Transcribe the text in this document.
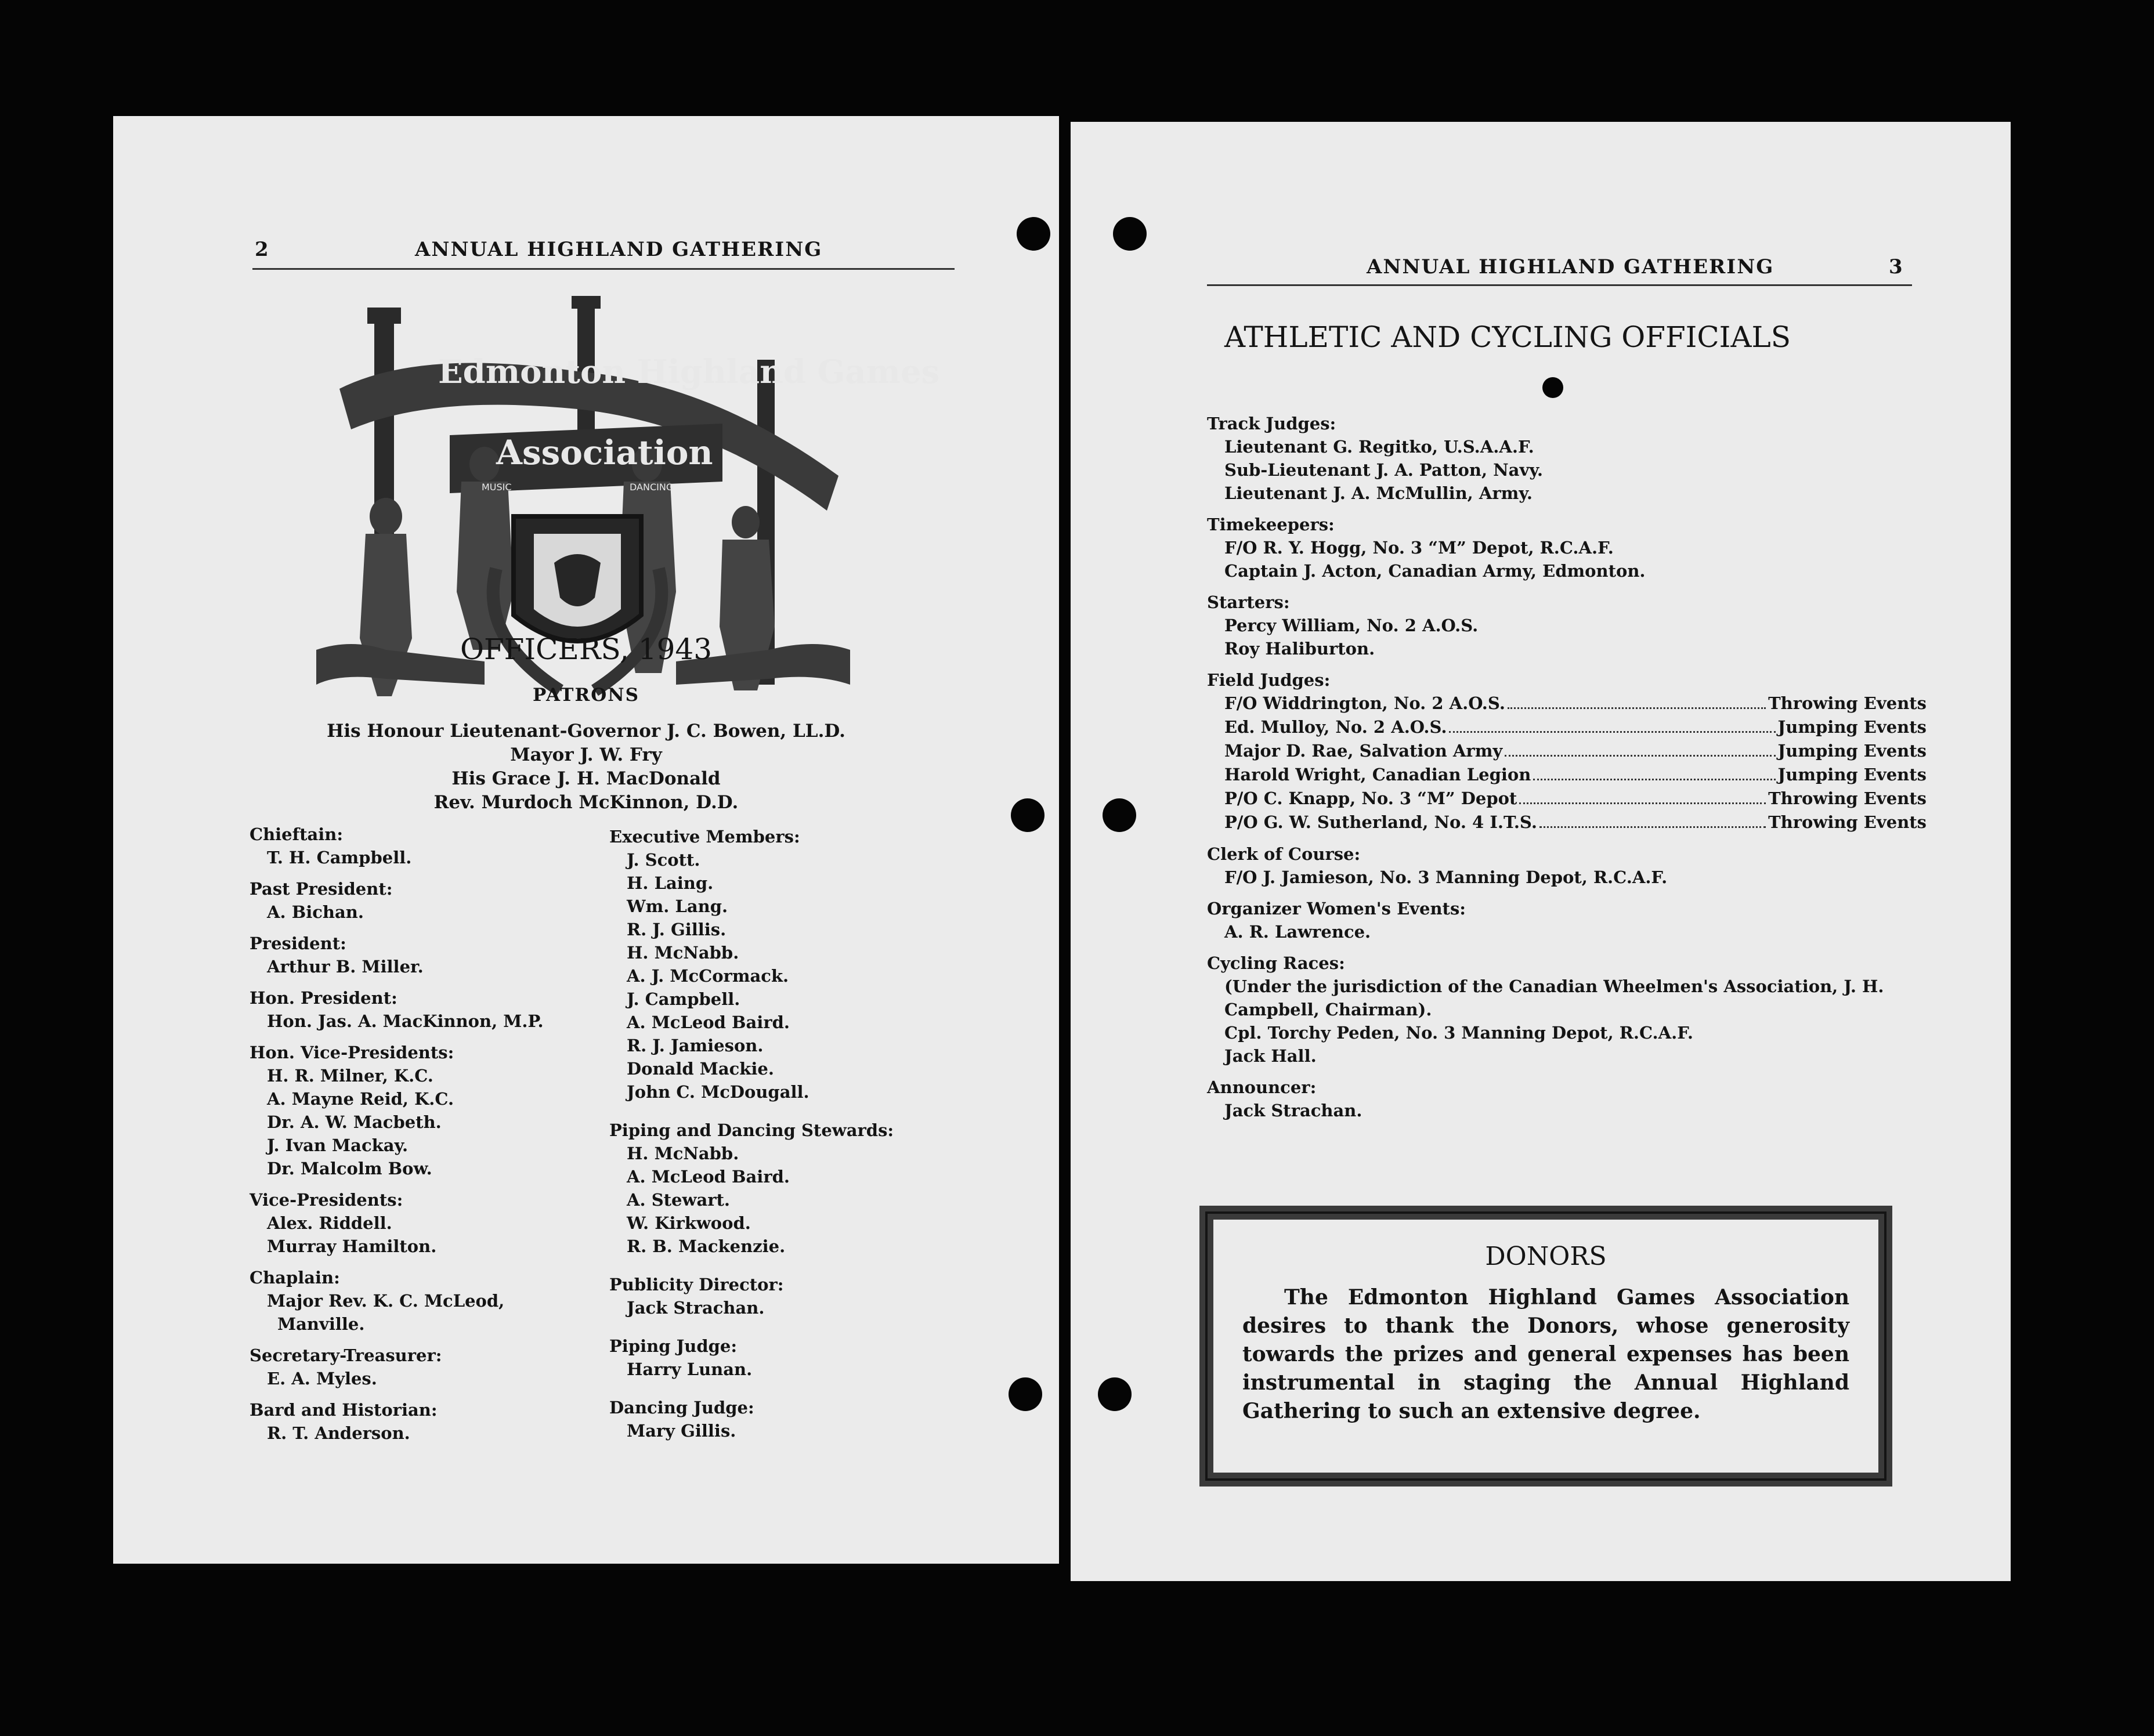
2	ANNUAL HIGHLAND GATHERING
Association
Edmonton Highland Games
MUSIC	DANCING
OFFICERS, 1943
PATRONS
His Honour Lieutenant-Governor J. C. Bowen, LL.D.
Mayor J. W. Fry
His Grace J. H. MacDonald
Rev. Murdoch McKinnon, D.D.
Chieftain:
T. H. Campbell.
Past President:
A. Bichan.
President:
Arthur B. Miller.
Hon. President:
Hon. Jas. A. MacKinnon, M.P.
Hon. Vice-Presidents:
H. R. Milner, K.C.
A. Mayne Reid, K.C.
Dr. A. W. Macbeth.
J. Ivan Mackay.
Dr. Malcolm Bow.
Vice-Presidents:
Alex. Riddell.
Murray Hamilton.
Chaplain:
Major Rev. K. C. McLeod,
Manville.
Secretary-Treasurer:
E. A. Myles.
Bard and Historian:
R. T. Anderson.
Executive Members:
J. Scott.
H. Laing.
Wm. Lang.
R. J. Gillis.
H. McNabb.
A. J. McCormack.
J. Campbell.
A. McLeod Baird.
R. J. Jamieson.
Donald Mackie.
John C. McDougall.
Piping and Dancing Stewards:
H. McNabb.
A. McLeod Baird.
A. Stewart.
W. Kirkwood.
R. B. Mackenzie.
Publicity Director:
Jack Strachan.
Piping Judge:
Harry Lunan.
Dancing Judge:
Mary Gillis.
ANNUAL HIGHLAND GATHERING	3
ATHLETIC AND CYCLING OFFICIALS
Track Judges:
Lieutenant G. Regitko, U.S.A.A.F.
Sub-Lieutenant J. A. Patton, Navy.
Lieutenant J. A. McMullin, Army.
Timekeepers:
F/O R. Y. Hogg, No. 3 “M” Depot, R.C.A.F.
Captain J. Acton, Canadian Army, Edmonton.
Starters:
Percy William, No. 2 A.O.S.
Roy Haliburton.
Field Judges:
F/O Widdrington, No. 2 A.O.S.	Throwing Events
Ed. Mulloy, No. 2 A.O.S.	Jumping Events
Major D. Rae, Salvation Army	Jumping Events
Harold Wright, Canadian Legion	Jumping Events
P/O C. Knapp, No. 3 “M” Depot	Throwing Events
P/O G. W. Sutherland, No. 4 I.T.S.	Throwing Events
Clerk of Course:
F/O J. Jamieson, No. 3 Manning Depot, R.C.A.F.
Organizer Women's Events:
A. R. Lawrence.
Cycling Races:
(Under the jurisdiction of the Canadian Wheelmen's Association, J. H.
Campbell, Chairman).
Cpl. Torchy Peden, No. 3 Manning Depot, R.C.A.F.
Jack Hall.
Announcer:
Jack Strachan.
DONORS
The Edmonton Highland Games Association desires to thank the Donors, whose generosity towards the prizes and general expenses has been instrumental in staging the Annual Highland Gathering to such an extensive degree.
